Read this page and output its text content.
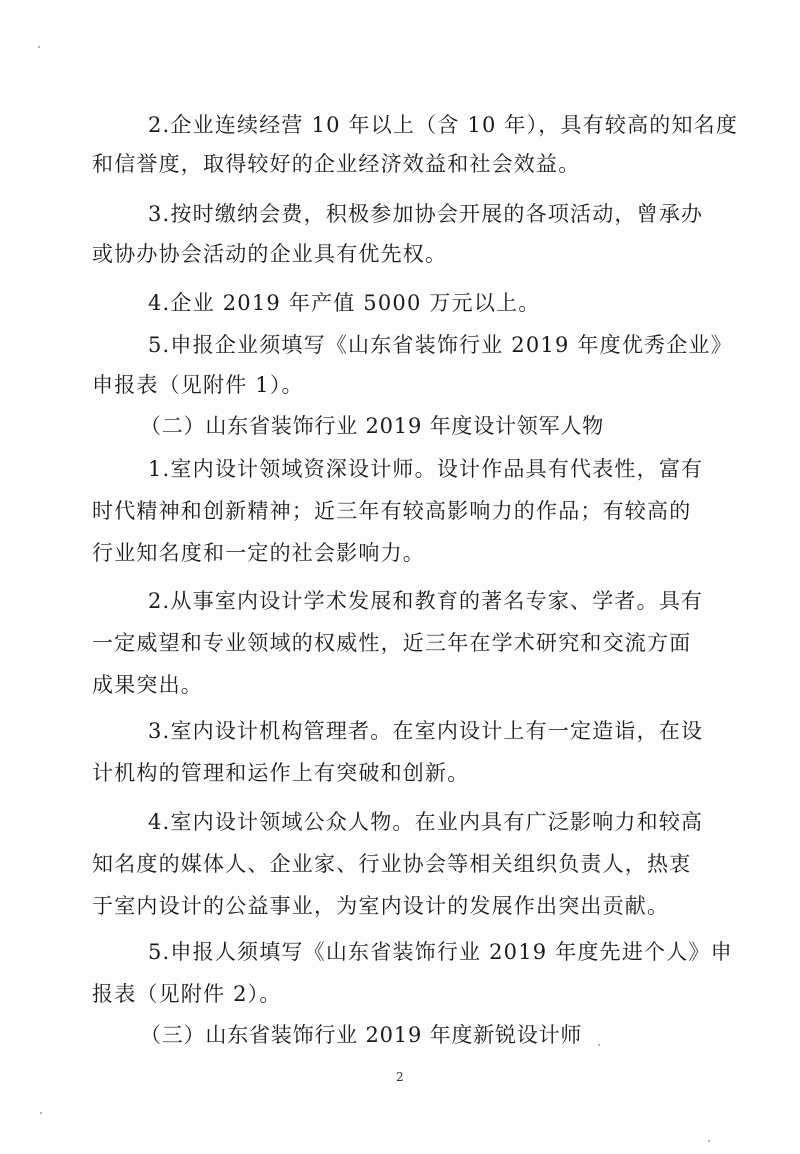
2.企业连续经营 10 年以上（含 10 年），具有较高的知名度
和信誉度，取得较好的企业经济效益和社会效益。
3.按时缴纳会费，积极参加协会开展的各项活动，曾承办
或协办协会活动的企业具有优先权。
4.企业 2019 年产值 5000 万元以上。
5.申报企业须填写《山东省装饰行业 2019 年度优秀企业》
申报表（见附件 1）。
（二）山东省装饰行业 2019 年度设计领军人物
1.室内设计领域资深设计师。设计作品具有代表性，富有
时代精神和创新精神；近三年有较高影响力的作品；有较高的
行业知名度和一定的社会影响力。
2.从事室内设计学术发展和教育的著名专家、学者。具有
一定威望和专业领域的权威性，近三年在学术研究和交流方面
成果突出。
3.室内设计机构管理者。在室内设计上有一定造诣，在设
计机构的管理和运作上有突破和创新。
4.室内设计领域公众人物。在业内具有广泛影响力和较高
知名度的媒体人、企业家、行业协会等相关组织负责人，热衷
于室内设计的公益事业，为室内设计的发展作出突出贡献。
5.申报人须填写《山东省装饰行业 2019 年度先进个人》申
报表（见附件 2）。
（三）山东省装饰行业 2019 年度新锐设计师
2
